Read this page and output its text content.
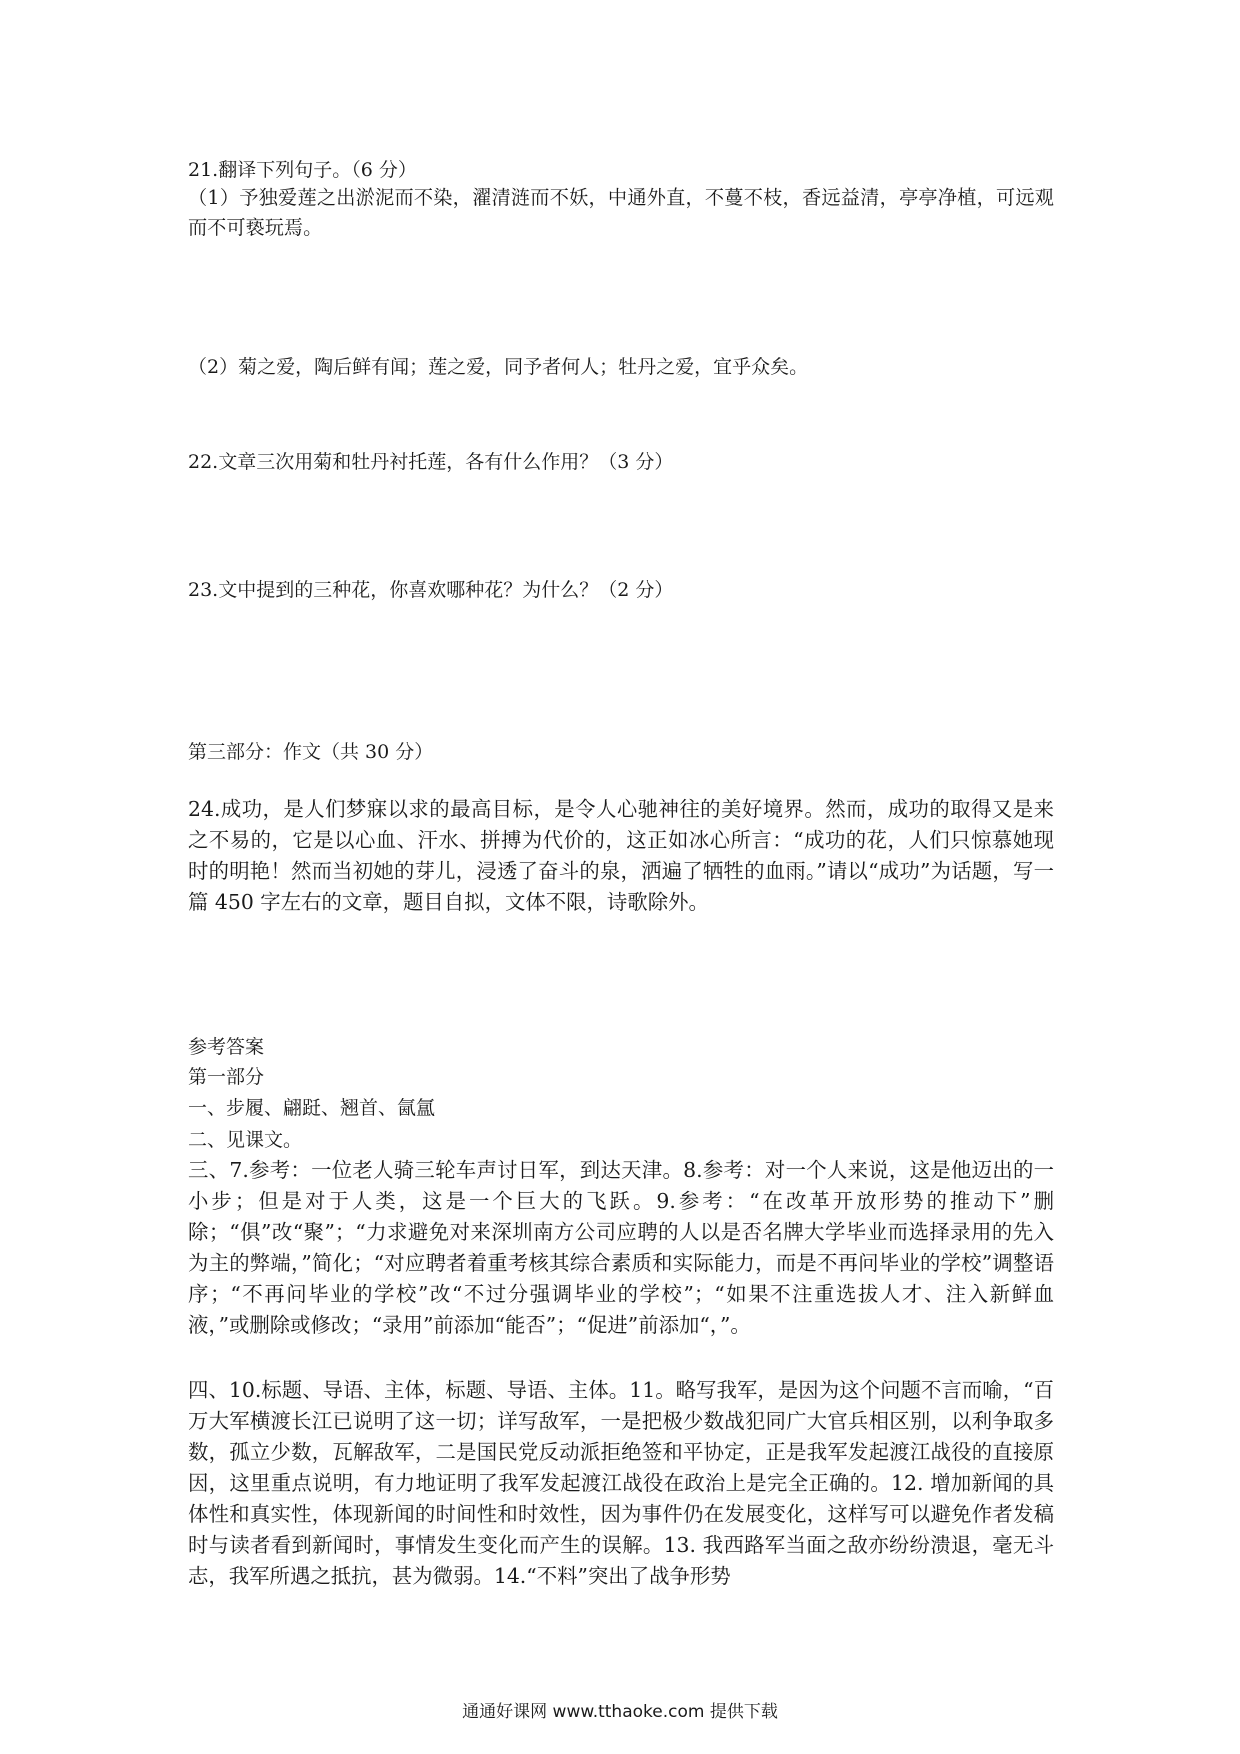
21.翻译下列句子。（6 分）
（1）予独爱莲之出淤泥而不染，濯清涟而不妖，中通外直，不蔓不枝，香远益清，亭亭净植，可远观而不可亵玩焉。
（2）菊之爱，陶后鲜有闻；莲之爱，同予者何人；牡丹之爱，宜乎众矣。
22.文章三次用菊和牡丹衬托莲，各有什么作用？（3 分）
23.文中提到的三种花，你喜欢哪种花？为什么？（2 分）
第三部分：作文（共 30 分）
24.成功，是人们梦寐以求的最高目标，是令人心驰神往的美好境界。然而，成功的取得又是来之不易的，它是以心血、汗水、拼搏为代价的，这正如冰心所言：“成功的花，人们只惊慕她现时的明艳！然而当初她的芽儿，浸透了奋斗的泉，洒遍了牺牲的血雨。”请以“成功”为话题，写一篇 450 字左右的文章，题目自拟，文体不限，诗歌除外。
参考答案
第一部分
一、步履、翩跹、翘首、氤氲
二、见课文。
三、7.参考：一位老人骑三轮车声讨日军，到达天津。8.参考：对一个人来说，这是他迈出的一小步；但是对于人类，这是一个巨大的飞跃。9.参考：“在改革开放形势的推动下”删除；“俱”改“聚”；“力求避免对来深圳南方公司应聘的人以是否名牌大学毕业而选择录用的先入为主的弊端，”简化；“对应聘者着重考核其综合素质和实际能力，而是不再问毕业的学校”调整语序；“不再问毕业的学校”改“不过分强调毕业的学校”；“如果不注重选拔人才、注入新鲜血液，”或删除或修改；“录用”前添加“能否”；“促进”前添加“，”。
四、10.标题、导语、主体，标题、导语、主体。11。略写我军，是因为这个问题不言而喻，“百万大军横渡长江已说明了这一切；详写敌军，一是把极少数战犯同广大官兵相区别，以利争取多数，孤立少数，瓦解敌军，二是国民党反动派拒绝签和平协定，正是我军发起渡江战役的直接原因，这里重点说明，有力地证明了我军发起渡江战役在政治上是完全正确的。12. 增加新闻的具体性和真实性，体现新闻的时间性和时效性，因为事件仍在发展变化，这样写可以避免作者发稿时与读者看到新闻时，事情发生变化而产生的误解。13. 我西路军当面之敌亦纷纷溃退，毫无斗志，我军所遇之抵抗，甚为微弱。14.“不料”突出了战争形势
通通好课网 www.tthaoke.com 提供下载
